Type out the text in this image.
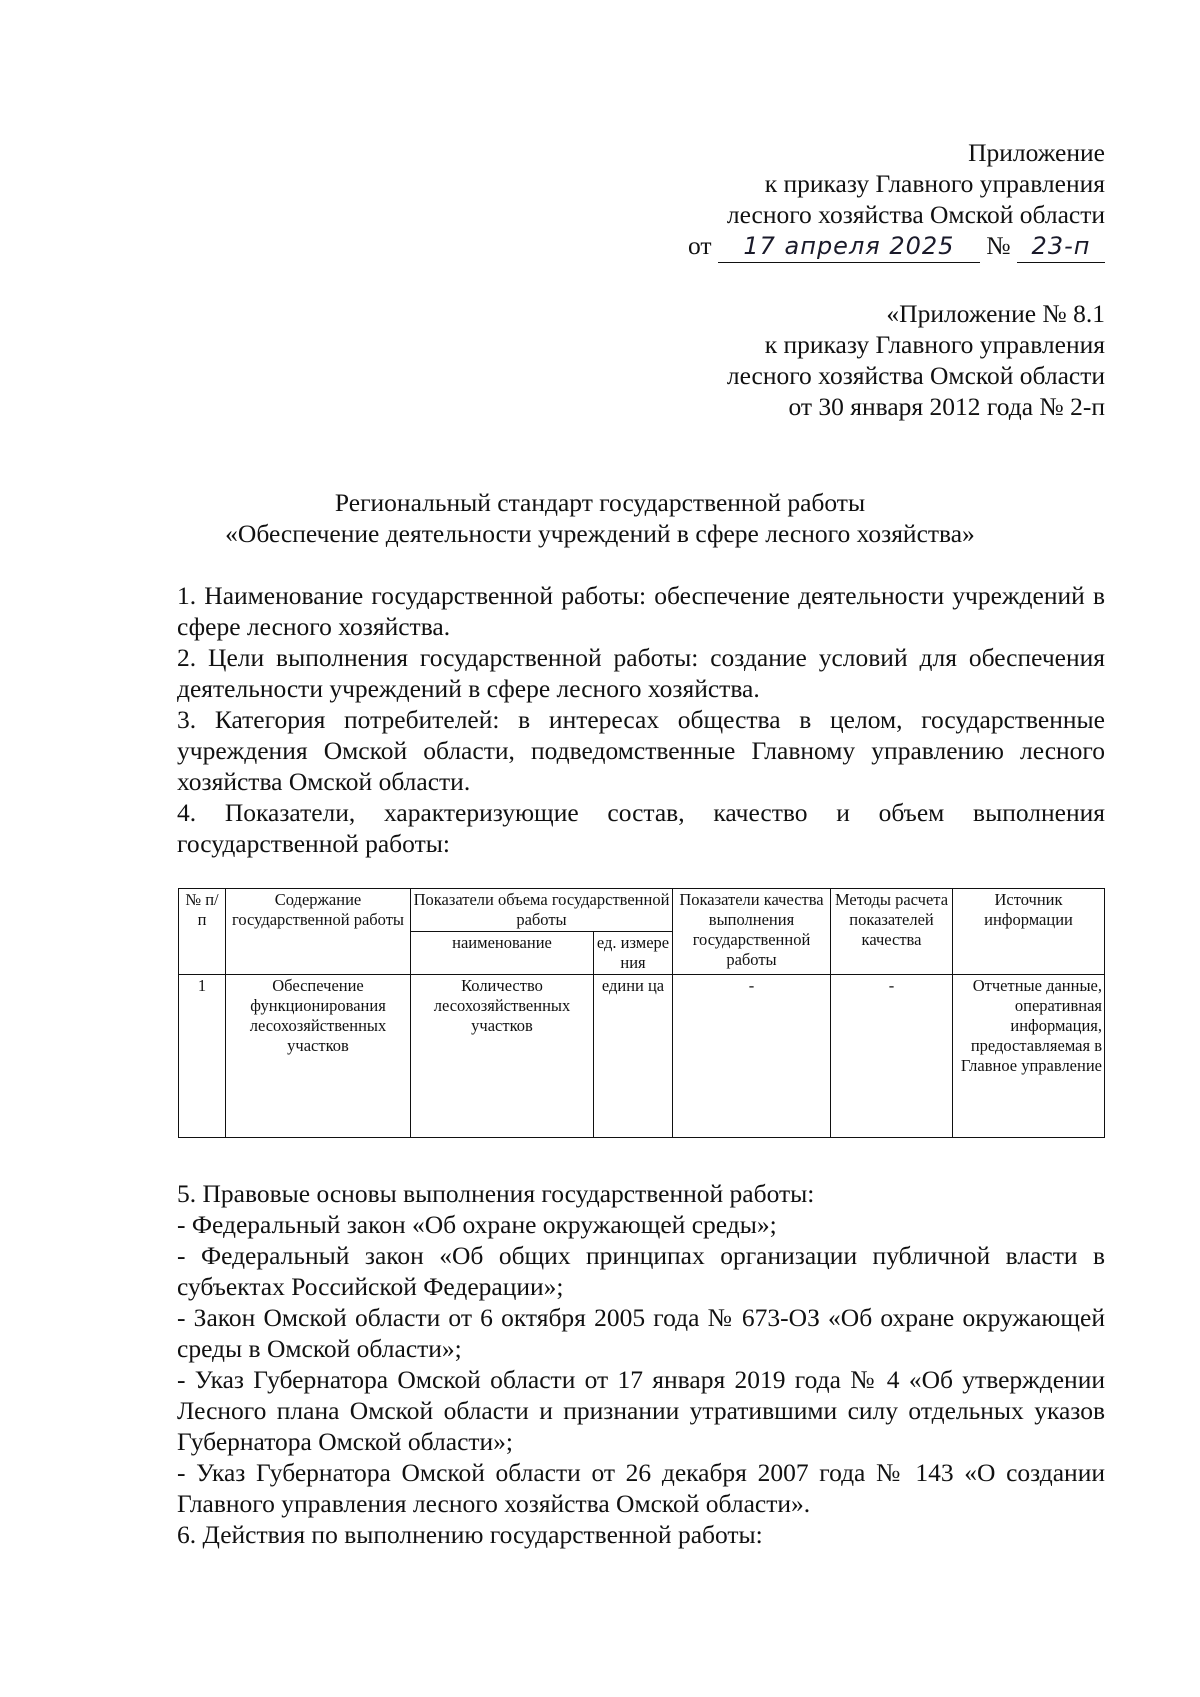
Приложение
к приказу Главного управления
лесного хозяйства Омской области
от 17 апреля 2025 № 23-п
«Приложение № 8.1
к приказу Главного управления
лесного хозяйства Омской области
от 30 января 2012 года № 2-п
Региональный стандарт государственной работы
«Обеспечение деятельности учреждений в сфере лесного хозяйства»

1. Наименование государственной работы: обеспечение деятельности учреждений в сфере лесного хозяйства.

2. Цели выполнения государственной работы: создание условий для обеспечения деятельности учреждений в сфере лесного хозяйства.

3. Категория потребителей: в интересах общества в целом, государственные учреждения Омской области, подведомственные Главному управлению лесного хозяйства Омской области.

4. Показатели, характеризующие состав, качество и объем выполнения государственной работы:

№ п/п	Содержание государственной работы	Показатели объема государственной работы		Показатели качества выполнения государственной работы	Методы расчета показателей качества	Источник информации
		наименование	ед. измере ния			
1	Обеспечение функционирования лесохозяйственных участков	Количество лесохозяйственных участков	едини ца	-	-	Отчетные данные, оперативная информация, предоставляемая в Главное управление

5. Правовые основы выполнения государственной работы:

- Федеральный закон «Об охране окружающей среды»;

- Федеральный закон «Об общих принципах организации публичной власти в субъектах Российской Федерации»;

- Закон Омской области от 6 октября 2005 года № 673-ОЗ «Об охране окружающей среды в Омской области»;

- Указ Губернатора Омской области от 17 января 2019 года № 4 «Об утверждении Лесного плана Омской области и признании утратившими силу отдельных указов Губернатора Омской области»;

- Указ Губернатора Омской области от 26 декабря 2007 года № 143 «О создании Главного управления лесного хозяйства Омской области».

6. Действия по выполнению государственной работы:
